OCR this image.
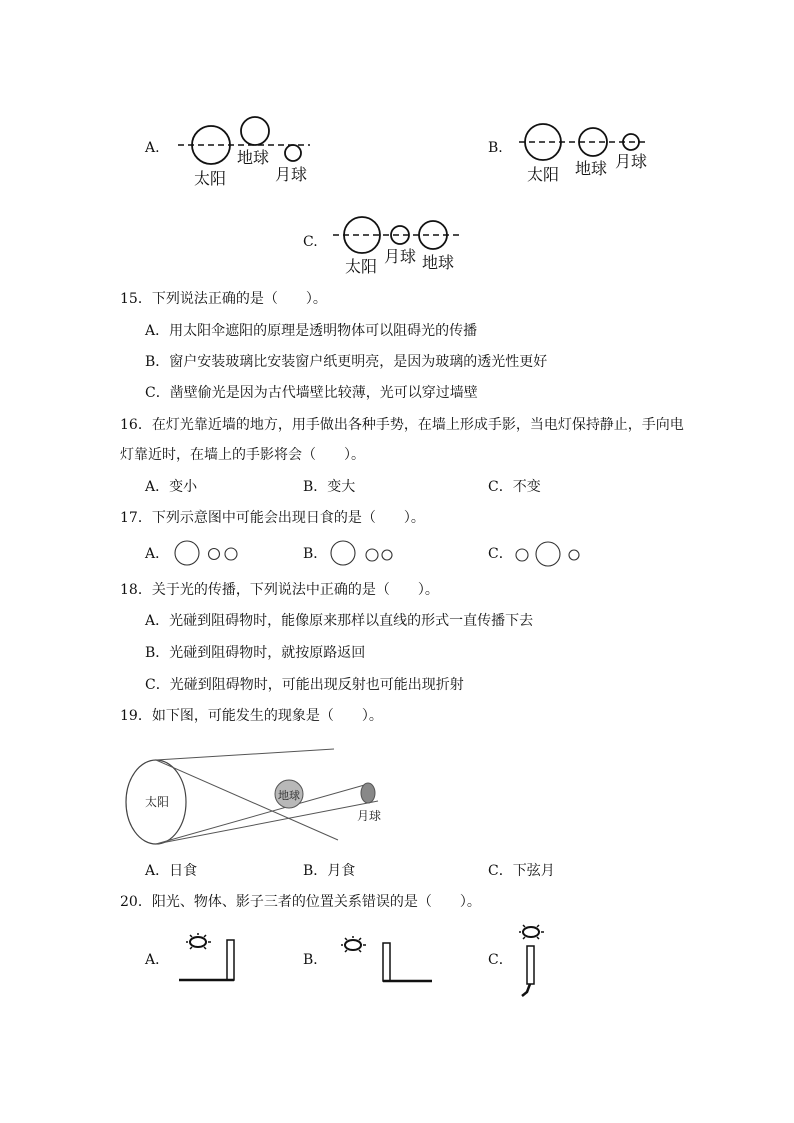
A.
太阳
地球
月球
B.
太阳 地球 月球
C.
太阳
月球 地球
15．下列说法正确的是（　　）。
A．用太阳伞遮阳的原理是透明物体可以阻碍光的传播
B．窗户安装玻璃比安装窗户纸更明亮，是因为玻璃的透光性更好
C．凿壁偷光是因为古代墙壁比较薄，光可以穿过墙壁
16．在灯光靠近墙的地方，用手做出各种手势，在墙上形成手影，当电灯保持静止，手向电
灯靠近时，在墙上的手影将会（　　）。
A．变小	B．变大	C．不变
17．下列示意图中可能会出现日食的是（　　）。
A．	B．	C．
18．关于光的传播，下列说法中正确的是（　　）。
A．光碰到阻碍物时，能像原来那样以直线的形式一直传播下去
B．光碰到阻碍物时，就按原路返回
C．光碰到阻碍物时，可能出现反射也可能出现折射
19．如下图，可能发生的现象是（　　）。
太阳	地球
月球
A．日食	B．月食	C．下弦月
20．阳光、物体、影子三者的位置关系错误的是（　　）。
A．	B．	C．
